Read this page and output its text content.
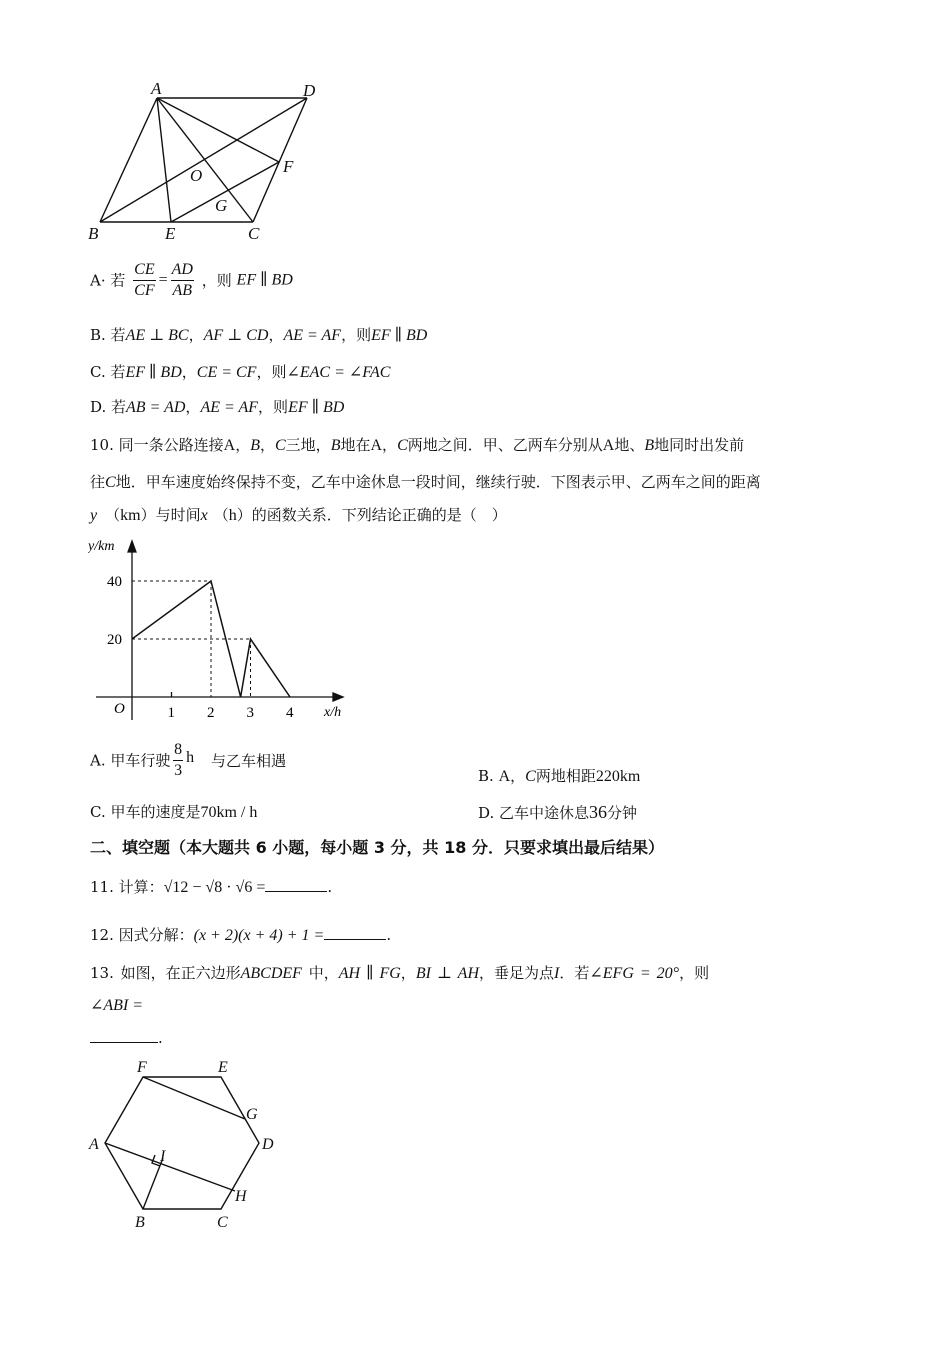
A	D
B	E	C
F
O
G
A· 若 $\frac{CE}{CF} = \frac{AD}{AB}$ ，则 EF ∥ BD
B. 若AE ⊥ BC，AF ⊥ CD，AE = AF，则EF ∥ BD
C. 若EF ∥ BD，CE = CF，则∠EAC = ∠FAC
D. 若AB = AD，AE = AF，则EF ∥ BD
10. 同一条公路连接A，B，C三地，B地在A，C两地之间．甲、乙两车分别从A地、B地同时出发前
往C地．甲车速度始终保持不变，乙车中途休息一段时间，继续行驶．下图表示甲、乙两车之间的距离
y （km）与时间x （h）的函数关系．下列结论正确的是（　）
y/km
x/h
O	1 2 3 4
20
40
A. 甲车行驶 $\frac{8}{3}$ h 与乙车相遇
B. A，C两地相距220km
C. 甲车的速度是70km / h	D. 乙车中途休息36分钟
二、填空题（本大题共 6 小题，每小题 3 分，共 18 分．只要求填出最后结果）
11. 计算：√12 − √8 · √6 =	.
12. 因式分解：(x + 2)(x + 4) + 1 =	.
13. 如图，在正六边形ABCDEF 中，AH ∥ FG，BI ⊥ AH，垂足为点I．若∠EFG = 20°，则
∠ABI =
.
F	E
G
A	D
I
H
B	C
